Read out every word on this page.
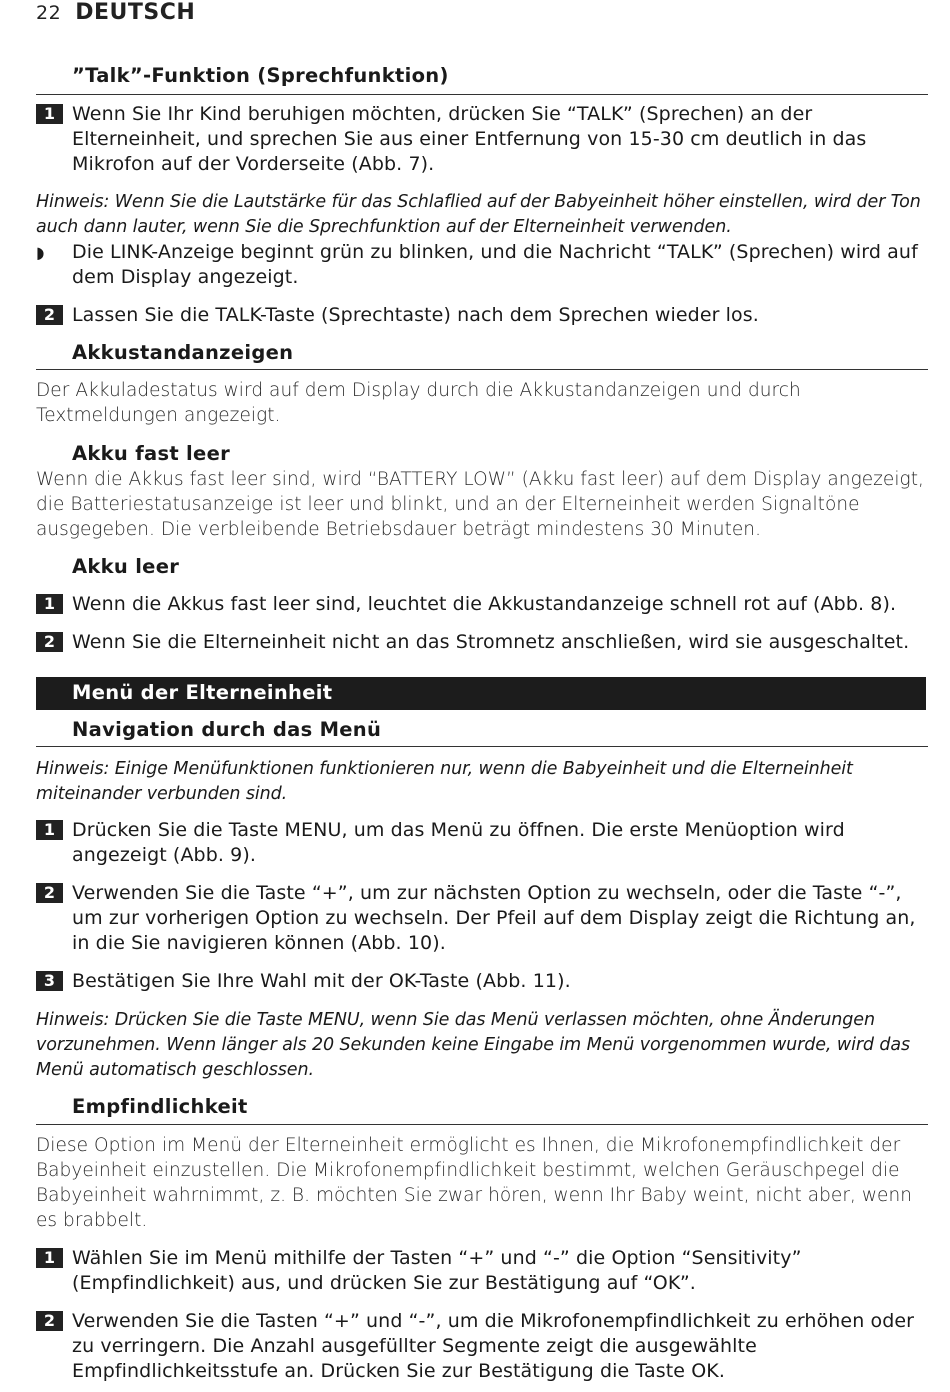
22 DEUTSCH
”Talk”-Funktion (Sprechfunktion)
1 Wenn Sie Ihr Kind beruhigen möchten, drücken Sie “TALK” (Sprechen) an der Elterneinheit, und sprechen Sie aus einer Entfernung von 15-30 cm deutlich in das Mikrofon auf der Vorderseite (Abb. 7).
Hinweis: Wenn Sie die Lautstärke für das Schlaflied auf der Babyeinheit höher einstellen, wird der Ton auch dann lauter, wenn Sie die Sprechfunktion auf der Elterneinheit verwenden.
◗ Die LINK-Anzeige beginnt grün zu blinken, und die Nachricht “TALK” (Sprechen) wird auf dem Display angezeigt.
2 Lassen Sie die TALK-Taste (Sprechtaste) nach dem Sprechen wieder los.
Akkustandanzeigen
Der Akkuladestatus wird auf dem Display durch die Akkustandanzeigen und durch Textmeldungen angezeigt.
Akku fast leer
Wenn die Akkus fast leer sind, wird “BATTERY LOW” (Akku fast leer) auf dem Display angezeigt, die Batteriestatusanzeige ist leer und blinkt, und an der Elterneinheit werden Signaltöne ausgegeben. Die verbleibende Betriebsdauer beträgt mindestens 30 Minuten.
Akku leer
1 Wenn die Akkus fast leer sind, leuchtet die Akkustandanzeige schnell rot auf (Abb. 8).
2 Wenn Sie die Elterneinheit nicht an das Stromnetz anschließen, wird sie ausgeschaltet.
Menü der Elterneinheit
Navigation durch das Menü
Hinweis: Einige Menüfunktionen funktionieren nur, wenn die Babyeinheit und die Elterneinheit miteinander verbunden sind.
1 Drücken Sie die Taste MENU, um das Menü zu öffnen. Die erste Menüoption wird angezeigt (Abb. 9).
2 Verwenden Sie die Taste “+”, um zur nächsten Option zu wechseln, oder die Taste “-”, um zur vorherigen Option zu wechseln. Der Pfeil auf dem Display zeigt die Richtung an, in die Sie navigieren können (Abb. 10).
3 Bestätigen Sie Ihre Wahl mit der OK-Taste (Abb. 11).
Hinweis: Drücken Sie die Taste MENU, wenn Sie das Menü verlassen möchten, ohne Änderungen vorzunehmen. Wenn länger als 20 Sekunden keine Eingabe im Menü vorgenommen wurde, wird das Menü automatisch geschlossen.
Empfindlichkeit
Diese Option im Menü der Elterneinheit ermöglicht es Ihnen, die Mikrofonempfindlichkeit der Babyeinheit einzustellen. Die Mikrofonempfindlichkeit bestimmt, welchen Geräuschpegel die Babyeinheit wahrnimmt, z. B. möchten Sie zwar hören, wenn Ihr Baby weint, nicht aber, wenn es brabbelt.
1 Wählen Sie im Menü mithilfe der Tasten “+” und “-” die Option “Sensitivity” (Empfindlichkeit) aus, und drücken Sie zur Bestätigung auf “OK”.
2 Verwenden Sie die Tasten “+” und “-”, um die Mikrofonempfindlichkeit zu erhöhen oder zu verringern. Die Anzahl ausgefüllter Segmente zeigt die ausgewählte Empfindlichkeitsstufe an. Drücken Sie zur Bestätigung die Taste OK.
